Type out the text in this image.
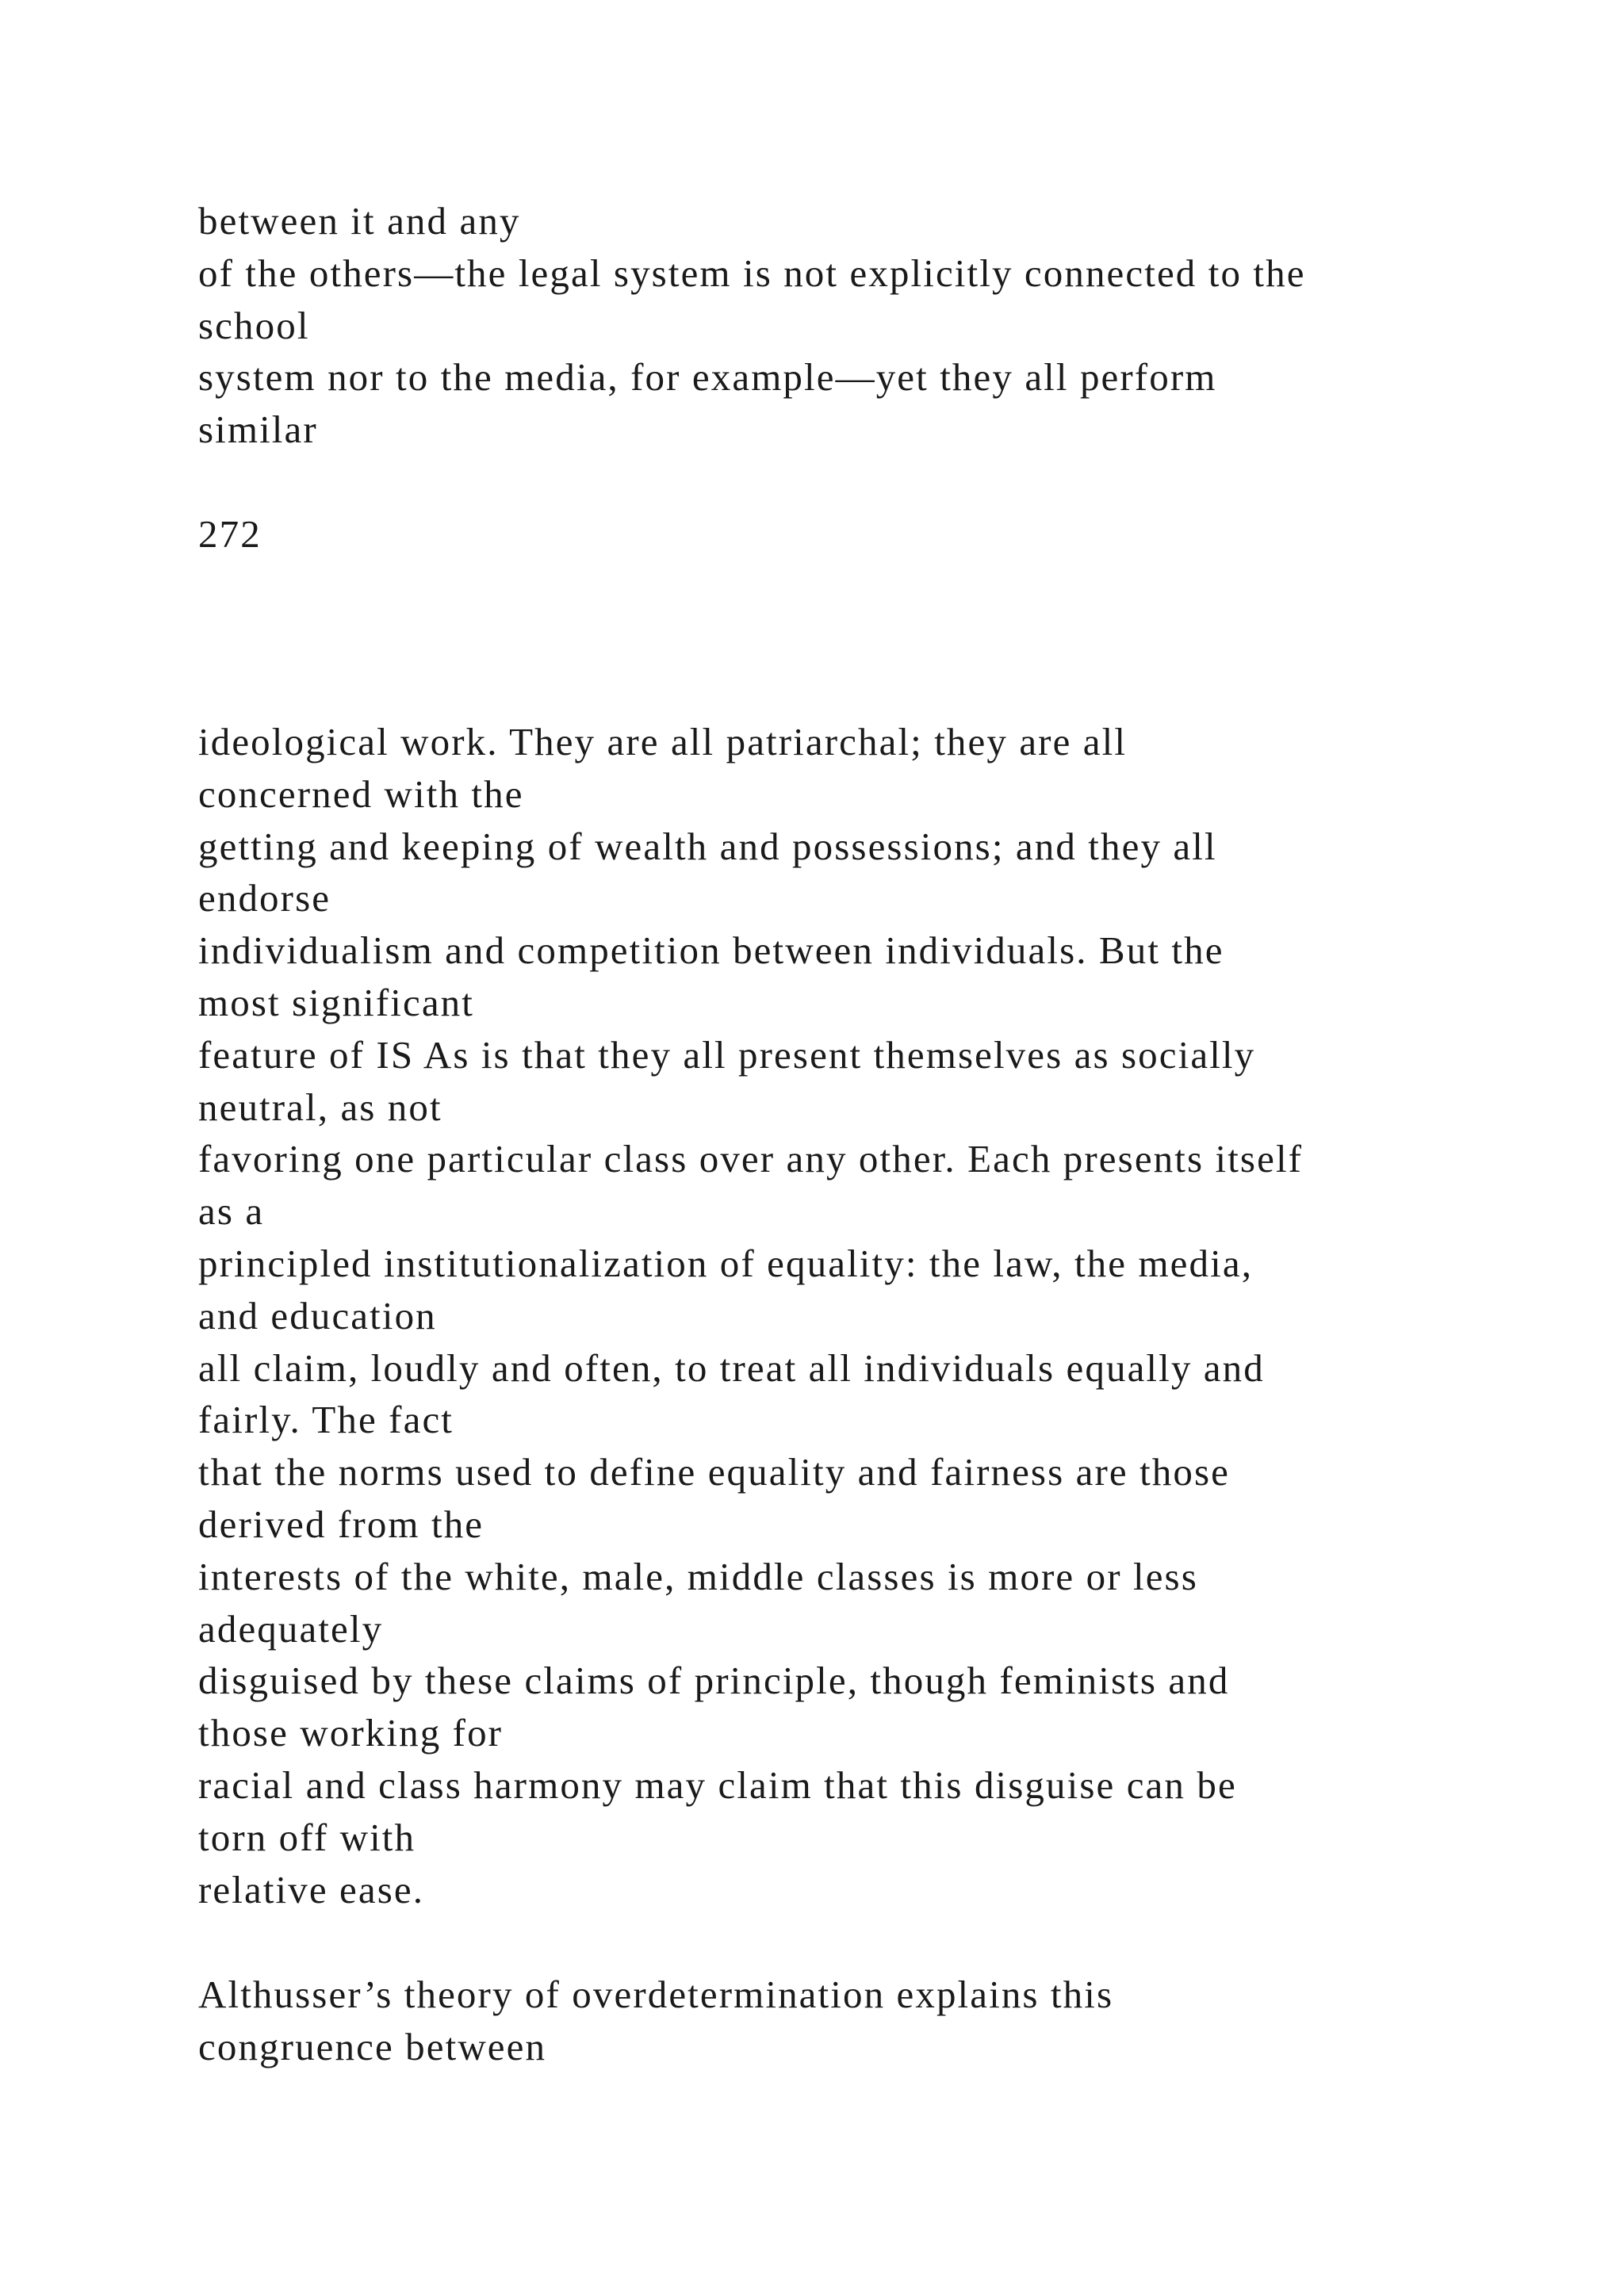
between it and any
of the others—the legal system is not explicitly connected to the
school
system nor to the media, for example—yet they all perform
similar

272

ideological work. They are all patriarchal; they are all
concerned with the
getting and keeping of wealth and possessions; and they all
endorse
individualism and competition between individuals. But the
most significant
feature of IS As is that they all present themselves as socially
neutral, as not
favoring one particular class over any other. Each presents itself
as a
principled institutionalization of equality: the law, the media,
and education
all claim, loudly and often, to treat all individuals equally and
fairly. The fact
that the norms used to define equality and fairness are those
derived from the
interests of the white, male, middle classes is more or less
adequately
disguised by these claims of principle, though feminists and
those working for
racial and class harmony may claim that this disguise can be
torn off with
relative ease.

Althusser’s theory of overdetermination explains this
congruence between
